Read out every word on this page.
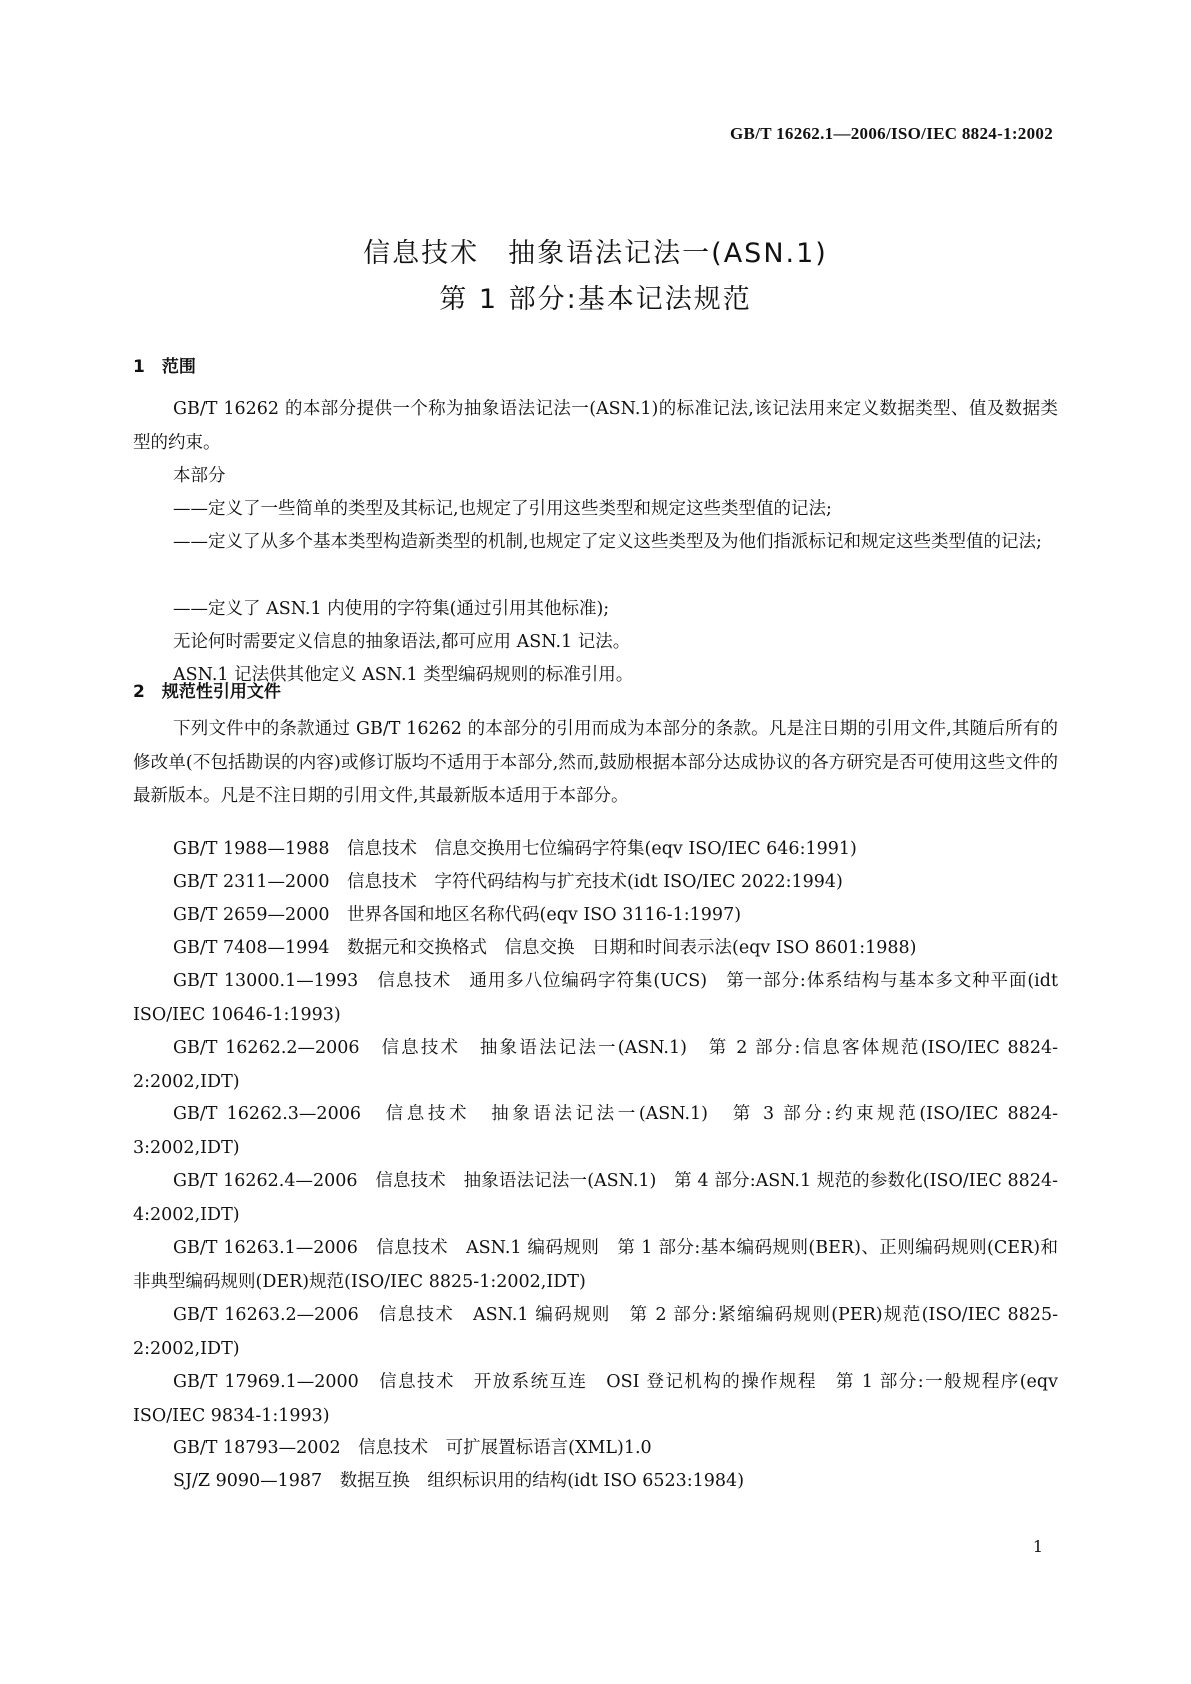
GB/T 16262.1—2006/ISO/IEC 8824-1:2002
信息技术　抽象语法记法一(ASN.1)
第 1 部分:基本记法规范
1　范围
GB/T 16262 的本部分提供一个称为抽象语法记法一(ASN.1)的标准记法,该记法用来定义数据类型、值及数据类型的约束。
本部分
——定义了一些简单的类型及其标记,也规定了引用这些类型和规定这些类型值的记法;
——定义了从多个基本类型构造新类型的机制,也规定了定义这些类型及为他们指派标记和规定这些类型值的记法;
——定义了 ASN.1 内使用的字符集(通过引用其他标准);
无论何时需要定义信息的抽象语法,都可应用 ASN.1 记法。
ASN.1 记法供其他定义 ASN.1 类型编码规则的标准引用。
2　规范性引用文件
下列文件中的条款通过 GB/T 16262 的本部分的引用而成为本部分的条款。凡是注日期的引用文件,其随后所有的修改单(不包括勘误的内容)或修订版均不适用于本部分,然而,鼓励根据本部分达成协议的各方研究是否可使用这些文件的最新版本。凡是不注日期的引用文件,其最新版本适用于本部分。
GB/T 1988—1988　信息技术　信息交换用七位编码字符集(eqv ISO/IEC 646:1991)
GB/T 2311—2000　信息技术　字符代码结构与扩充技术(idt ISO/IEC 2022:1994)
GB/T 2659—2000　世界各国和地区名称代码(eqv ISO 3116-1:1997)
GB/T 7408—1994　数据元和交换格式　信息交换　日期和时间表示法(eqv ISO 8601:1988)
GB/T 13000.1—1993　信息技术　通用多八位编码字符集(UCS)　第一部分:体系结构与基本多文种平面(idt ISO/IEC 10646-1:1993)
GB/T 16262.2—2006　信息技术　抽象语法记法一(ASN.1)　第 2 部分:信息客体规范(ISO/IEC 8824-2:2002,IDT)
GB/T 16262.3—2006　信息技术　抽象语法记法一(ASN.1)　第 3 部分:约束规范(ISO/IEC 8824-3:2002,IDT)
GB/T 16262.4—2006　信息技术　抽象语法记法一(ASN.1)　第 4 部分:ASN.1 规范的参数化(ISO/IEC 8824-4:2002,IDT)
GB/T 16263.1—2006　信息技术　ASN.1 编码规则　第 1 部分:基本编码规则(BER)、正则编码规则(CER)和非典型编码规则(DER)规范(ISO/IEC 8825-1:2002,IDT)
GB/T 16263.2—2006　信息技术　ASN.1 编码规则　第 2 部分:紧缩编码规则(PER)规范(ISO/IEC 8825-2:2002,IDT)
GB/T 17969.1—2000　信息技术　开放系统互连　OSI 登记机构的操作规程　第 1 部分:一般规程序(eqv ISO/IEC 9834-1:1993)
GB/T 18793—2002　信息技术　可扩展置标语言(XML)1.0
SJ/Z 9090—1987　数据互换　组织标识用的结构(idt ISO 6523:1984)
1
